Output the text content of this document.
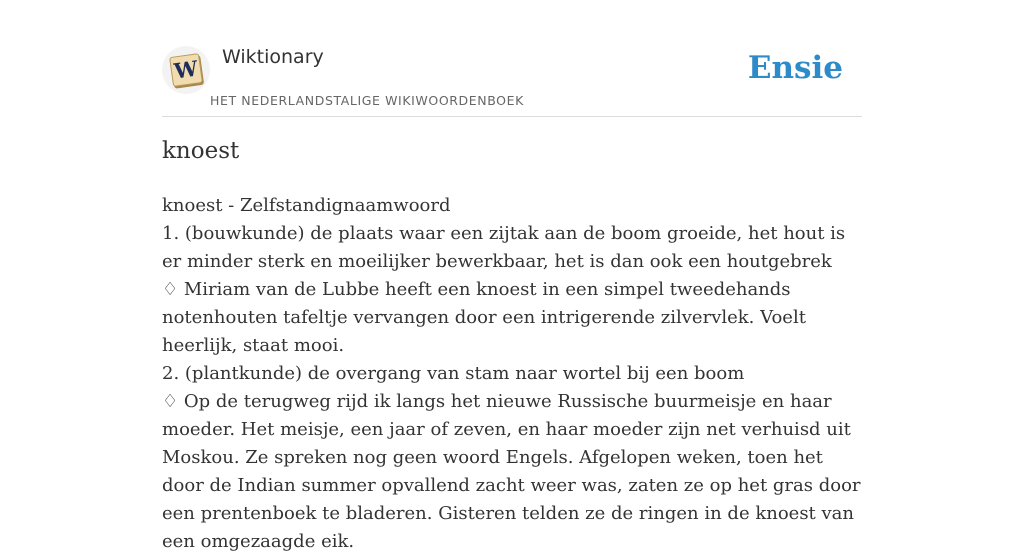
W Wiktionary
HET NEDERLANDSTALIGE WIKIWOORDENBOEK
Ensie
knoest
knoest - Zelfstandignaamwoord
1. (bouwkunde) de plaats waar een zijtak aan de boom groeide, het hout is er minder sterk en moeilijker bewerkbaar, het is dan ook een houtgebrek
♢ Miriam van de Lubbe heeft een knoest in een simpel tweedehands notenhouten tafeltje vervangen door een intrigerende zilvervlek. Voelt heerlijk, staat mooi.
2. (plantkunde) de overgang van stam naar wortel bij een boom
♢ Op de terugweg rijd ik langs het nieuwe Russische buurmeisje en haar moeder. Het meisje, een jaar of zeven, en haar moeder zijn net verhuisd uit Moskou. Ze spreken nog geen woord Engels. Afgelopen weken, toen het door de Indian summer opvallend zacht weer was, zaten ze op het gras door een prentenboek te bladeren. Gisteren telden ze de ringen in de knoest van een omgezaagde eik.
